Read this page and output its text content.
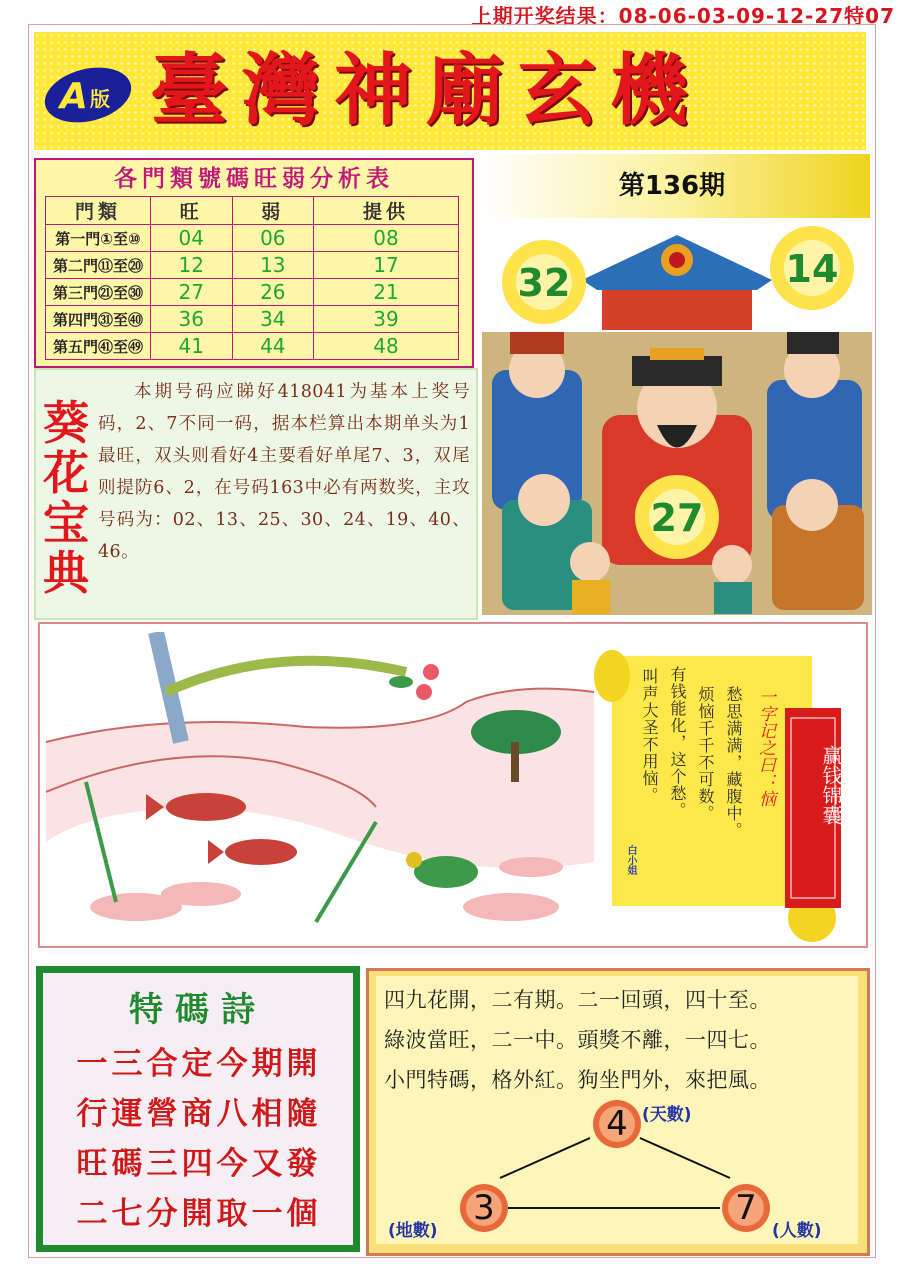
上期开奖结果：08-06-03-09-12-27特07
A 版 臺灣神廟玄機
各門類號碼旺弱分析表
門類	旺	弱	提供
第一門①至⑩	04	06	08
第二門⑪至⑳	12	13	17
第三門㉑至㉚	27	26	21
第四門㉛至㊵	36	34	39
第五門㊶至㊾	41	44	48
第136期
32	14
27
葵花宝典
本期号码应睇好418041为基本上奖号码，2、7不同一码，据本栏算出本期单头为1最旺，双头则看好4主要看好单尾7、3，双尾则提防6、2，在号码163中必有两数奖，主攻号码为：02、13、25、30、24、19、40、46。
一字记之曰：恼
愁思满满，藏腹中。
烦恼千千不可数。
有钱能化，这个愁。
叫声大圣不用恼。
白小姐
赢钱锦囊
特碼詩
一三合定今期開
行運營商八相隨
旺碼三四今又發
二七分開取一個
四九花開，二有期。二一回頭，四十至。
綠波當旺，二一中。頭獎不離，一四七。
小門特碼，格外紅。狗坐門外，來把風。
4
3	7
(天數)
(地數)	(人數)
